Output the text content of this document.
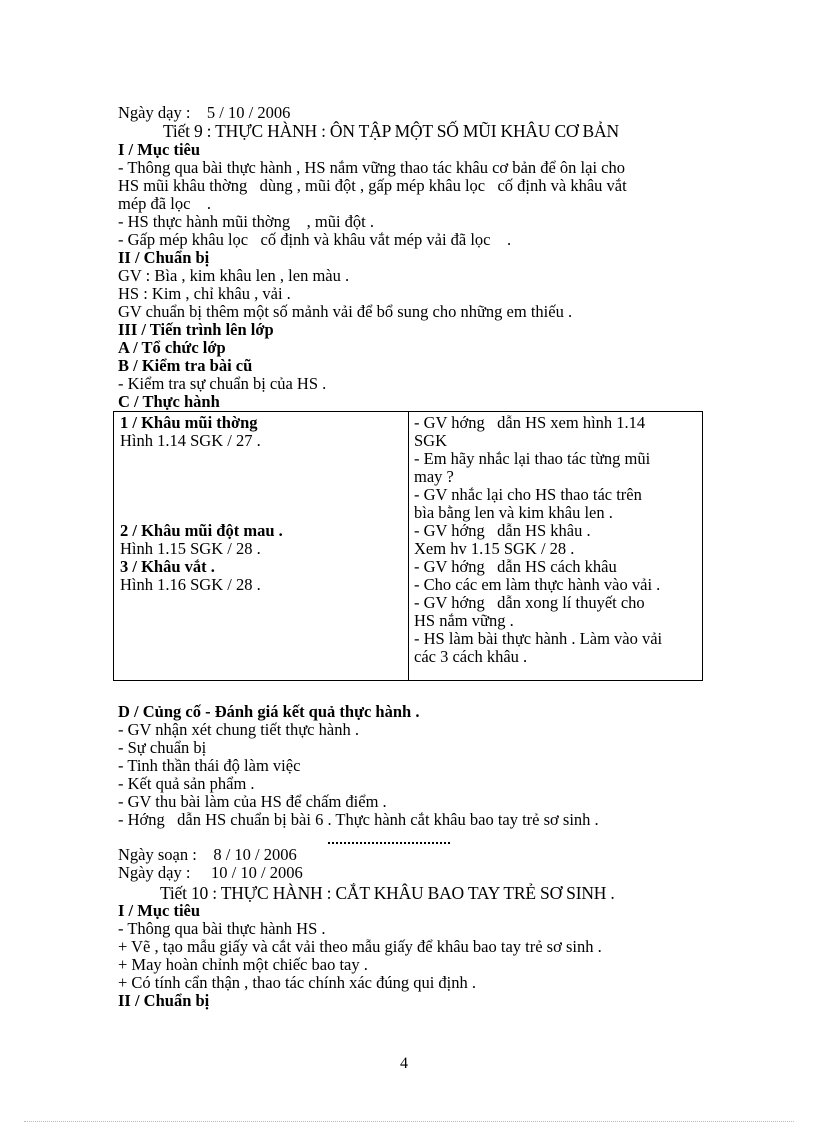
Ngày dạy :    5 / 10 / 2006
Tiết 9 : THỰC HÀNH : ÔN TẬP MỘT SỐ MŨI KHÂU CƠ BẢN
I / Mục tiêu
- Thông qua bài thực hành , HS nắm vững thao tác khâu cơ bản để ôn lại cho
HS mũi khâu thờng   dùng , mũi đột , gấp mép khâu lọc   cố định và khâu vắt
mép đã lọc    .
- HS thực hành mũi thờng    , mũi đột .
- Gấp mép khâu lọc   cố định và khâu vắt mép vải đã lọc    .
II / Chuẩn bị
GV : Bìa , kim khâu len , len màu .
HS : Kim , chỉ khâu , vải .
GV chuẩn bị thêm một số mảnh vải để bổ sung cho những em thiếu .
III / Tiến trình lên lớp
A / Tổ chức lớp
B / Kiểm tra bài cũ
- Kiểm tra sự chuẩn bị của HS .
C / Thực hành
1 / Khâu mũi thờng
Hình 1.14 SGK / 27 .
2 / Khâu mũi đột mau .
Hình 1.15 SGK / 28 .
3 / Khâu vắt .
Hình 1.16 SGK / 28 .
- GV hớng   dẫn HS xem hình 1.14
SGK
- Em hãy nhắc lại thao tác từng mũi
may ?
- GV nhắc lại cho HS thao tác trên
bìa bằng len và kim khâu len .
- GV hớng   dẫn HS khâu .
Xem hv 1.15 SGK / 28 .
- GV hớng   dẫn HS cách khâu
- Cho các em làm thực hành vào vải .
- GV hớng   dẫn xong lí thuyết cho
HS nắm vững .
- HS làm bài thực hành . Làm vào vải
các 3 cách khâu .
D / Củng cố - Đánh giá kết quả thực hành .
- GV nhận xét chung tiết thực hành .
- Sự chuẩn bị
- Tinh thần thái độ làm việc
- Kết quả sản phẩm .
- GV thu bài làm của HS để chấm điểm .
- Hớng   dẫn HS chuẩn bị bài 6 . Thực hành cắt khâu bao tay trẻ sơ sinh .
Ngày soạn :    8 / 10 / 2006
Ngày dạy :     10 / 10 / 2006
Tiết 10 : THỰC HÀNH : CẮT KHÂU BAO TAY TRẺ SƠ SINH .
I / Mục tiêu
- Thông qua bài thực hành HS .
+ Vẽ , tạo mẫu giấy và cắt vải theo mẫu giấy để khâu bao tay trẻ sơ sinh .
+ May hoàn chỉnh một chiếc bao tay .
+ Có tính cẩn thận , thao tác chính xác đúng qui định .
II / Chuẩn bị
4
